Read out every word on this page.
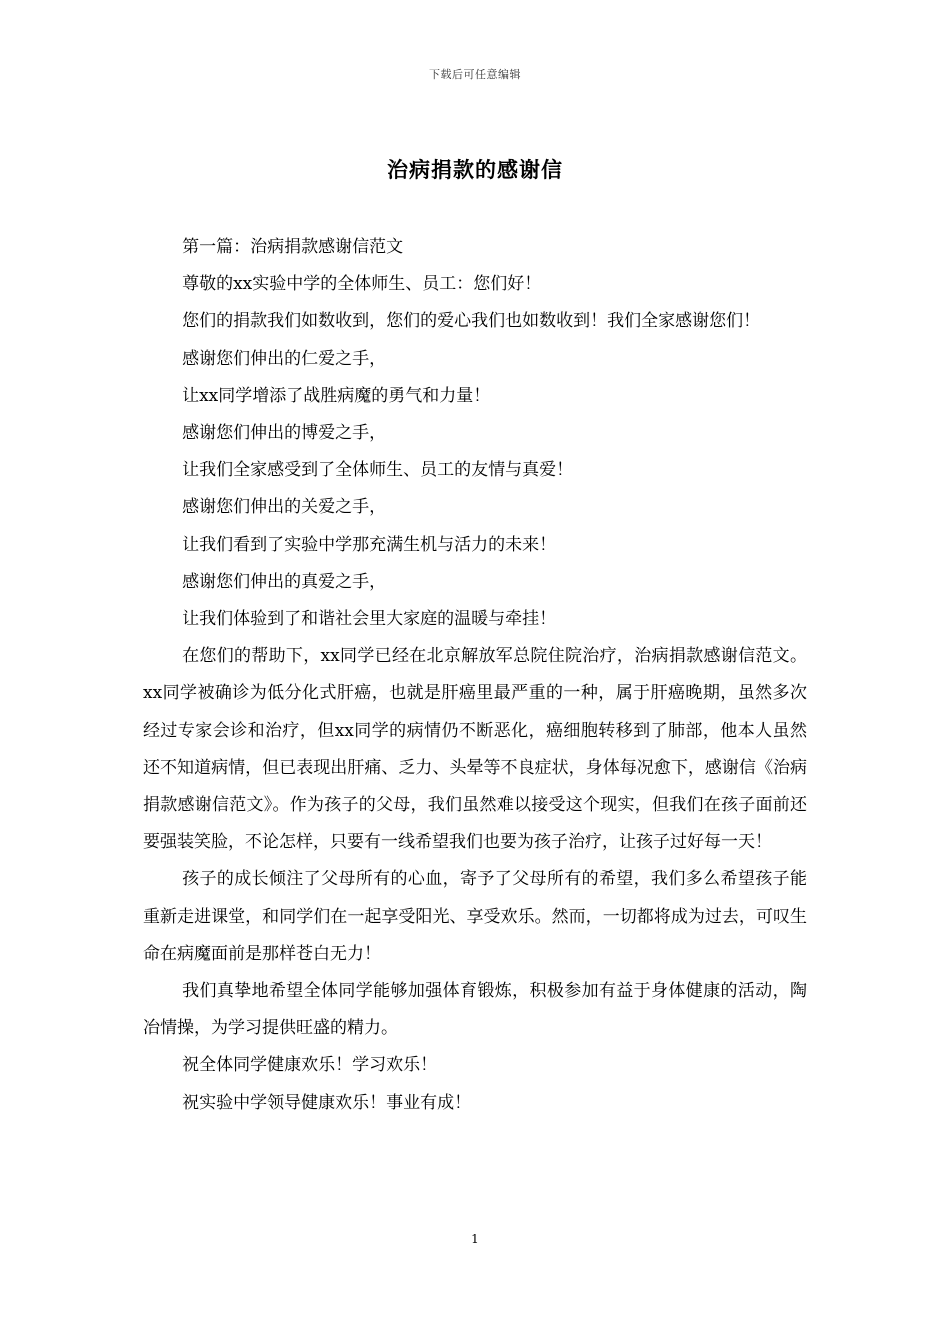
下载后可任意编辑
治病捐款的感谢信

第一篇：治病捐款感谢信范文

尊敬的xx实验中学的全体师生、员工：您们好！

您们的捐款我们如数收到，您们的爱心我们也如数收到！我们全家感谢您们！

感谢您们伸出的仁爱之手，

让xx同学增添了战胜病魔的勇气和力量！

感谢您们伸出的博爱之手，

让我们全家感受到了全体师生、员工的友情与真爱！

感谢您们伸出的关爱之手，

让我们看到了实验中学那充满生机与活力的未来！

感谢您们伸出的真爱之手，

让我们体验到了和谐社会里大家庭的温暖与牵挂！

在您们的帮助下，xx同学已经在北京解放军总院住院治疗，治病捐款感谢信范文。xx同学被确诊为低分化式肝癌，也就是肝癌里最严重的一种，属于肝癌晚期，虽然多次经过专家会诊和治疗，但xx同学的病情仍不断恶化，癌细胞转移到了肺部，他本人虽然还不知道病情，但已表现出肝痛、乏力、头晕等不良症状，身体每况愈下，感谢信《治病捐款感谢信范文》。作为孩子的父母，我们虽然难以接受这个现实，但我们在孩子面前还要强装笑脸，不论怎样，只要有一线希望我们也要为孩子治疗，让孩子过好每一天！

孩子的成长倾注了父母所有的心血，寄予了父母所有的希望，我们多么希望孩子能重新走进课堂，和同学们在一起享受阳光、享受欢乐。然而，一切都将成为过去，可叹生命在病魔面前是那样苍白无力！

我们真挚地希望全体同学能够加强体育锻炼，积极参加有益于身体健康的活动，陶冶情操，为学习提供旺盛的精力。

祝全体同学健康欢乐！学习欢乐！

祝实验中学领导健康欢乐！事业有成！

1
